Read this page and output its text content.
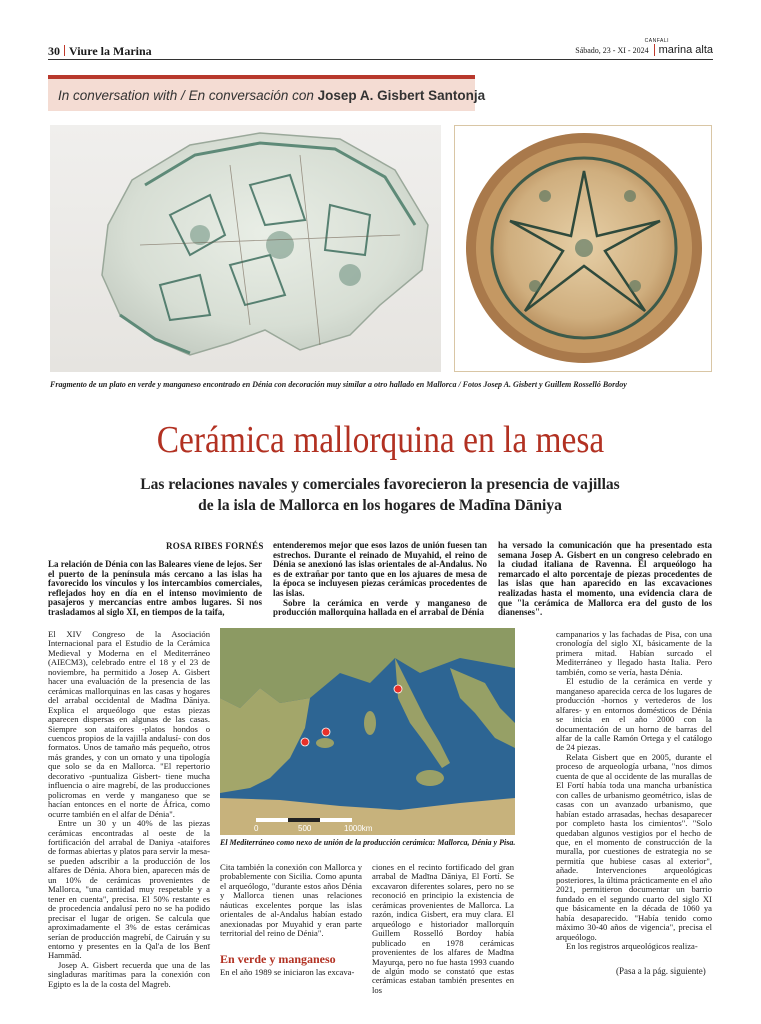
30 Viure la Marina
CANFALI
Sábado, 23 - XI - 2024 marina alta
In conversation with / En conversación con Josep A. Gisbert Santonja
Fragmento de un plato en verde y manganeso encontrado en Dénia con decoración muy similar a otro hallado en Mallorca / Fotos Josep A. Gisbert y Guillem Rosselló Bordoy
Cerámica mallorquina en la mesa
Las relaciones navales y comerciales favorecieron la presencia de vajillas
de la isla de Mallorca en los hogares de Madīna Dāniya
ROSA RIBES FORNÉS

La relación de Dénia con las Baleares viene de lejos. Ser el puerto de la península más cercano a las islas ha favorecido los vínculos y los intercambios comerciales, reflejados hoy en día en el intenso movimiento de pasajeros y mercancías entre ambos lugares. Si nos trasladamos al siglo XI, en tiempos de la taifa,

entenderemos mejor que esos lazos de unión fuesen tan estrechos. Durante el reinado de Muyahid, el reino de Dénia se anexionó las islas orientales de al-Andalus. No es de extrañar por tanto que en los ajuares de mesa de la época se incluyesen piezas cerámicas procedentes de las islas.

Sobre la cerámica en verde y manganeso de producción mallorquina hallada en el arrabal de Dénia

ha versado la comunicación que ha presentado esta semana Josep A. Gisbert en un congreso celebrado en la ciudad italiana de Ravenna. El arqueólogo ha remarcado el alto porcentaje de piezas procedentes de las islas que han aparecido en las excavaciones realizadas hasta el momento, una evidencia clara de que "la cerámica de Mallorca era del gusto de los dianenses".

El XIV Congreso de la Asociación Internacional para el Estudio de la Cerámica Medieval y Moderna en el Mediterráneo (AIECM3), celebrado entre el 18 y el 23 de noviembre, ha permitido a Josep A. Gisbert hacer una evaluación de la presencia de las cerámicas mallorquinas en las casas y hogares del arrabal occidental de Madīna Dāniya. Explica el arqueólogo que estas piezas aparecen dispersas en algunas de las casas. Siempre son ataifores -platos hondos o cuencos propios de la vajilla andalusí- con dos formatos. Unos de tamaño más pequeño, otros más grandes, y con un ornato y una tipología que solo se da en Mallorca. "El repertorio decorativo -puntualiza Gisbert- tiene mucha influencia o aire magrebí, de las producciones policromas en verde y manganeso que se hacían entonces en el norte de África, como ocurre también en el alfar de Dénia".

Entre un 30 y un 40% de las piezas cerámicas encontradas al oeste de la fortificación del arrabal de Daniya -ataifores de formas abiertas y platos para servir la mesa- se pueden adscribir a la producción de los alfares de Dénia. Ahora bien, aparecen más de un 10% de cerámicas provenientes de Mallorca, "una cantidad muy respetable y a tener en cuenta", precisa. El 50% restante es de procedencia andalusí pero no se ha podido precisar el lugar de origen. Se calcula que aproximadamente el 3% de estas cerámicas serían de producción magrebí, de Cairuán y su entorno y presentes en la Qal'a de los Benī Hammād.

Josep A. Gisbert recuerda que una de las singladuras marítimas para la conexión con Egipto es la de la costa del Magreb.

0	500	1000km
El Mediterráneo como nexo de unión de la producción cerámica: Mallorca, Dénia y Pisa.

Cita también la conexión con Mallorca y probablemente con Sicilia. Como apunta el arqueólogo, "durante estos años Dénia y Mallorca tienen unas relaciones náuticas excelentes porque las islas orientales de al-Andalus habían estado anexionadas por Muyahid y eran parte territorial del reino de Dénia".

En verde y manganeso

En el año 1989 se iniciaron las excava-

ciones en el recinto fortificado del gran arrabal de Madīna Dāniya, El Fortí. Se excavaron diferentes solares, pero no se reconoció en principio la existencia de cerámicas provenientes de Mallorca. La razón, indica Gisbert, era muy clara. El arqueólogo e historiador mallorquín Guillem Rosselló Bordoy había publicado en 1978 cerámicas provenientes de los alfares de Madīna Mayurqa, pero no fue hasta 1993 cuando de algún modo se constató que estas cerámicas estaban también presentes en los

campanarios y las fachadas de Pisa, con una cronología del siglo XI, básicamente de la primera mitad. Habían surcado el Mediterráneo y llegado hasta Italia. Pero también, como se vería, hasta Dénia.

El estudio de la cerámica en verde y manganeso aparecida cerca de los lugares de producción -hornos y vertederos de los alfares- y en entornos domésticos de Dénia se inicia en el año 2000 con la documentación de un horno de barras del alfar de la calle Ramón Ortega y el catálogo de 24 piezas.

Relata Gisbert que en 2005, durante el proceso de arqueología urbana, "nos dimos cuenta de que al occidente de las murallas de El Fortí había toda una mancha urbanística con calles de urbanismo geométrico, islas de casas con un avanzado urbanismo, que habían estado arrasadas, hechas desaparecer por completo hasta los cimientos". "Solo quedaban algunos vestigios por el hecho de que, en el momento de construcción de la muralla, por cuestiones de estrategia no se permitía que hubiese casas al exterior", añade. Intervenciones arqueológicas posteriores, la última prácticamente en el año 2021, permitieron documentar un barrio fundado en el segundo cuarto del siglo XI que básicamente en la década de 1060 ya había desaparecido. "Había tenido como máximo 30-40 años de vigencia", precisa el arqueólogo.

En los registros arqueológicos realiza-

(Pasa a la pág. siguiente)
